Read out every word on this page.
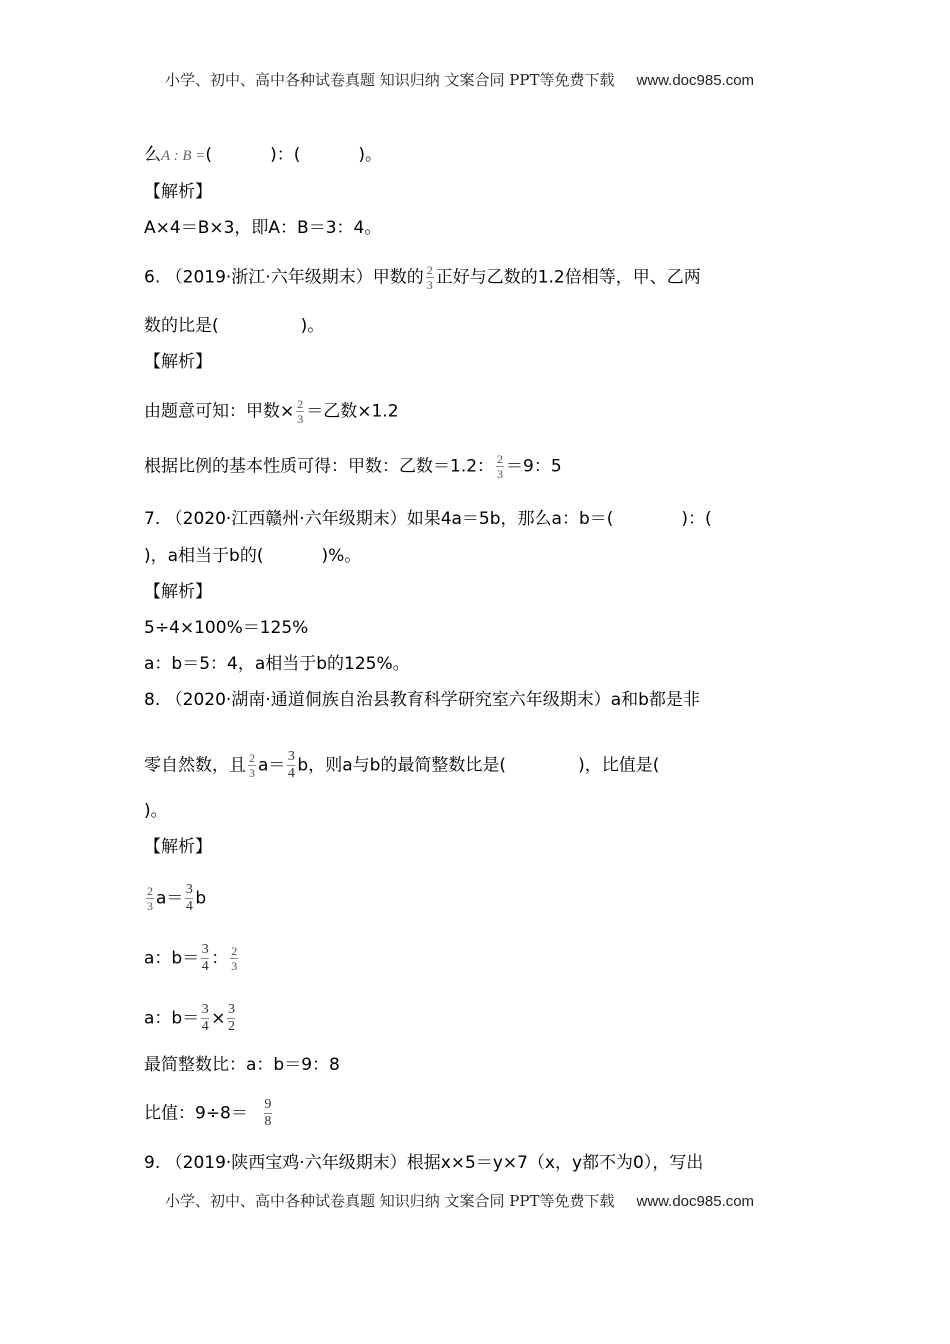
小学、初中、高中各种试卷真题 知识归纳 文案合同 PPT等免费下载 www.doc985.com
么A : B =(	)：(	)。
【解析】
A×4＝B×3，即A：B＝3：4。
6. （2019·浙江·六年级期末）甲数的 $\frac{2}{3}$ 正好与乙数的1.2倍相等，甲、乙两
数的比是(	)。
【解析】
由题意可知：甲数× $\frac{2}{3}$ ＝乙数×1.2
根据比例的基本性质可得：甲数：乙数＝1.2： $\frac{2}{3} =9$：5
7. （2020·江西赣州·六年级期末）如果4a＝5b，那么a：b＝(	)：(
)，a相当于b的(	)%。
【解析】
5÷4×100%＝125%
a：b＝5：4，a相当于b的125%。
8. （2020·湖南·通道侗族自治县教育科学研究室六年级期末）a和b都是非
零自然数，且 $\frac{2}{3} a= \frac{3}{4}$ b，则a与b的最简整数比是(	)，比值是(
)。
【解析】
$\frac{2}{3} a= \frac{3}{4}$ b
a：$b= \frac{3}{4}$ ： $\frac{2}{3}$
a：$b= \frac{3}{4} \times \frac{3}{2}$
最简整数比：a：b＝9：8
比值：$9\div 8= \frac{9}{8}$
9. （2019·陕西宝鸡·六年级期末）根据x×5＝y×7（x，y都不为0），写出
小学、初中、高中各种试卷真题 知识归纳 文案合同 PPT等免费下载 www.doc985.com
